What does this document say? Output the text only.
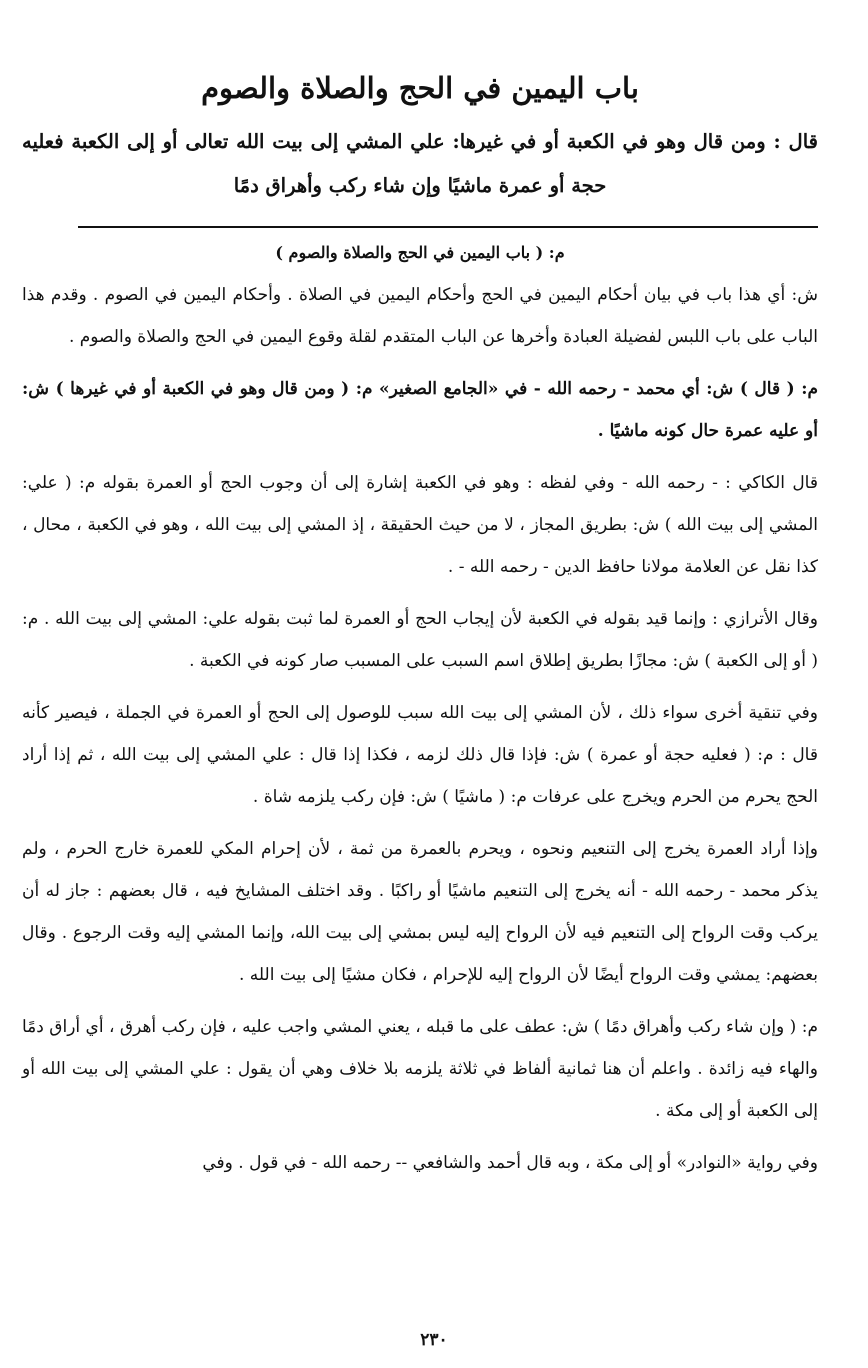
باب اليمين في الحج والصلاة والصوم

قال : ومن قال وهو في الكعبة أو في غيرها: علي المشي إلى بيت الله تعالى أو إلى الكعبة فعليه حجة أو عمرة ماشيًا وإن شاء ركب وأهراق دمًا

م: ( باب اليمين في الحج والصلاة والصوم )

ش: أي هذا باب في بيان أحكام اليمين في الحج وأحكام اليمين في الصلاة . وأحكام اليمين في الصوم . وقدم هذا الباب على باب اللبس لفضيلة العبادة وأخرها عن الباب المتقدم لقلة وقوع اليمين في الحج والصلاة والصوم .

م: ( قال ) ش: أي محمد - رحمه الله - في «الجامع الصغير» م: ( ومن قال وهو في الكعبة أو في غيرها ) ش: أو عليه عمرة حال كونه ماشيًا .

قال الكاكي : - رحمه الله - وفي لفظه : وهو في الكعبة إشارة إلى أن وجوب الحج أو العمرة بقوله م: ( علي: المشي إلى بيت الله ) ش: بطريق المجاز ، لا من حيث الحقيقة ، إذ المشي إلى بيت الله ، وهو في الكعبة ، محال ، كذا نقل عن العلامة مولانا حافظ الدين - رحمه الله - .

وقال الأترازي : وإنما قيد بقوله في الكعبة لأن إيجاب الحج أو العمرة لما ثبت بقوله علي: المشي إلى بيت الله . م: ( أو إلى الكعبة ) ش: مجازًا بطريق إطلاق اسم السبب على المسبب صار كونه في الكعبة .

وفي تنقية أخرى سواء ذلك ، لأن المشي إلى بيت الله سبب للوصول إلى الحج أو العمرة في الجملة ، فيصير كأنه قال : م: ( فعليه حجة أو عمرة ) ش: فإذا قال ذلك لزمه ، فكذا إذا قال : علي المشي إلى بيت الله ، ثم إذا أراد الحج يحرم من الحرم ويخرج على عرفات م: ( ماشيًا ) ش: فإن ركب يلزمه شاة .

وإذا أراد العمرة يخرج إلى التنعيم ونحوه ، ويحرم بالعمرة من ثمة ، لأن إحرام المكي للعمرة خارج الحرم ، ولم يذكر محمد - رحمه الله - أنه يخرج إلى التنعيم ماشيًا أو راكبًا . وقد اختلف المشايخ فيه ، قال بعضهم : جاز له أن يركب وقت الرواح إلى التنعيم فيه لأن الرواح إليه ليس بمشي إلى بيت الله، وإنما المشي إليه وقت الرجوع . وقال بعضهم: يمشي وقت الرواح أيضًا لأن الرواح إليه للإحرام ، فكان مشيًا إلى بيت الله .

م: ( وإن شاء ركب وأهراق دمًا ) ش: عطف على ما قبله ، يعني المشي واجب عليه ، فإن ركب أهرق ، أي أراق دمًا والهاء فيه زائدة . واعلم أن هنا ثمانية ألفاظ في ثلاثة يلزمه بلا خلاف وهي أن يقول : علي المشي إلى بيت الله أو إلى الكعبة أو إلى مكة .

وفي رواية «النوادر» أو إلى مكة ، وبه قال أحمد والشافعي -- رحمه الله - في قول . وفي

٢٣٠
